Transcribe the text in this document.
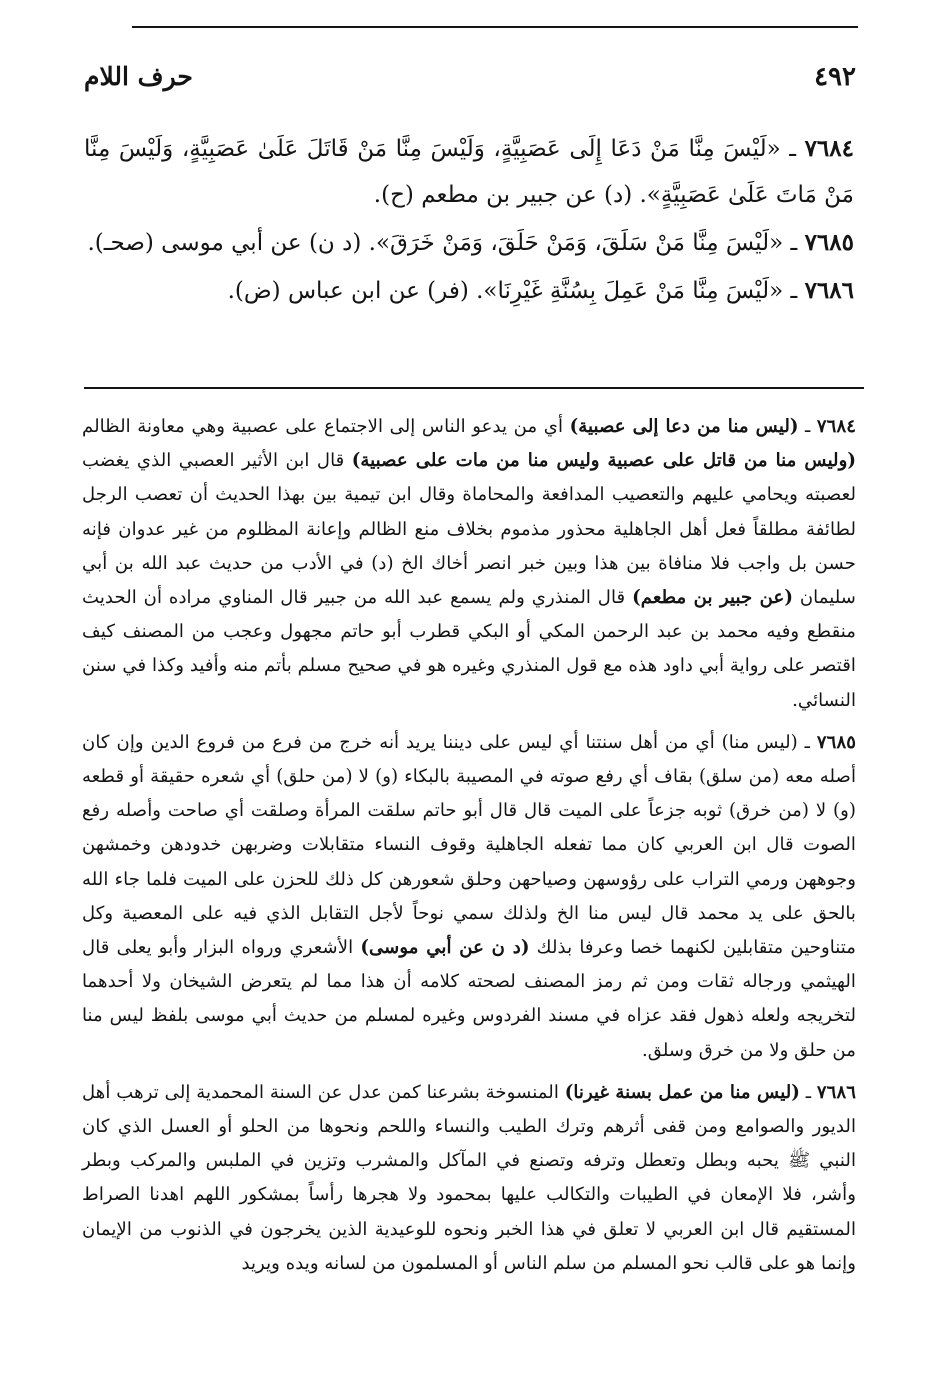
٤٩٢
حرف اللام

٧٦٨٤ ـ «لَيْسَ مِنَّا مَنْ دَعَا إِلَى عَصَبِيَّةٍ، وَلَيْسَ مِنَّا مَنْ قَاتَلَ عَلَىٰ عَصَبِيَّةٍ، وَلَيْسَ مِنَّا مَنْ مَاتَ عَلَىٰ عَصَبِيَّةٍ». (د) عن جبير بن مطعم (ح).

٧٦٨٥ ـ «لَيْسَ مِنَّا مَنْ سَلَقَ، وَمَنْ حَلَقَ، وَمَنْ خَرَقَ». (د ن) عن أبي موسى (صحـ).

٧٦٨٦ ـ «لَيْسَ مِنَّا مَنْ عَمِلَ بِسُنَّةِ غَيْرِنَا». (فر) عن ابن عباس (ض).

٧٦٨٤ ـ (ليس منا من دعا إلى عصبية) أي من يدعو الناس إلى الاجتماع على عصبية وهي معاونة الظالم (وليس منا من قاتل على عصبية وليس منا من مات على عصبية) قال ابن الأثير العصبي الذي يغضب لعصبته ويحامي عليهم والتعصيب المدافعة والمحاماة وقال ابن تيمية بين بهذا الحديث أن تعصب الرجل لطائفة مطلقاً فعل أهل الجاهلية محذور مذموم بخلاف منع الظالم وإعانة المظلوم من غير عدوان فإنه حسن بل واجب فلا منافاة بين هذا وبين خبر انصر أخاك الخ (د) في الأدب من حديث عبد الله بن أبي سليمان (عن جبير بن مطعم) قال المنذري ولم يسمع عبد الله من جبير قال المناوي مراده أن الحديث منقطع وفيه محمد بن عبد الرحمن المكي أو البكي قطرب أبو حاتم مجهول وعجب من المصنف كيف اقتصر على رواية أبي داود هذه مع قول المنذري وغيره هو في صحيح مسلم بأتم منه وأفيد وكذا في سنن النسائي.

٧٦٨٥ ـ (ليس منا) أي من أهل سنتنا أي ليس على ديننا يريد أنه خرج من فرع من فروع الدين وإن كان أصله معه (من سلق) بقاف أي رفع صوته في المصيبة بالبكاء (و) لا (من حلق) أي شعره حقيقة أو قطعه (و) لا (من خرق) ثوبه جزعاً على الميت قال قال أبو حاتم سلقت المرأة وصلقت أي صاحت وأصله رفع الصوت قال ابن العربي كان مما تفعله الجاهلية وقوف النساء متقابلات وضربهن خدودهن وخمشهن وجوههن ورمي التراب على رؤوسهن وصياحهن وحلق شعورهن كل ذلك للحزن على الميت فلما جاء الله بالحق على يد محمد قال ليس منا الخ ولذلك سمي نوحاً لأجل التقابل الذي فيه على المعصية وكل متناوحين متقابلين لكنهما خصا وعرفا بذلك (د ن عن أبي موسى) الأشعري ورواه البزار وأبو يعلى قال الهيثمي ورجاله ثقات ومن ثم رمز المصنف لصحته كلامه أن هذا مما لم يتعرض الشيخان ولا أحدهما لتخريجه ولعله ذهول فقد عزاه في مسند الفردوس وغيره لمسلم من حديث أبي موسى بلفظ ليس منا من حلق ولا من خرق وسلق.

٧٦٨٦ ـ (ليس منا من عمل بسنة غيرنا) المنسوخة بشرعنا كمن عدل عن السنة المحمدية إلى ترهب أهل الديور والصوامع ومن قفى أثرهم وترك الطيب والنساء واللحم ونحوها من الحلو أو العسل الذي كان النبي ﷺ يحبه وبطل وتعطل وترفه وتصنع في المآكل والمشرب وتزين في الملبس والمركب وبطر وأشر، فلا الإمعان في الطيبات والتكالب عليها بمحمود ولا هجرها رأساً بمشكور اللهم اهدنا الصراط المستقيم قال ابن العربي لا تعلق في هذا الخبر ونحوه للوعيدية الذين يخرجون في الذنوب من الإيمان وإنما هو على قالب نحو المسلم من سلم الناس أو المسلمون من لسانه ويده ويريد
